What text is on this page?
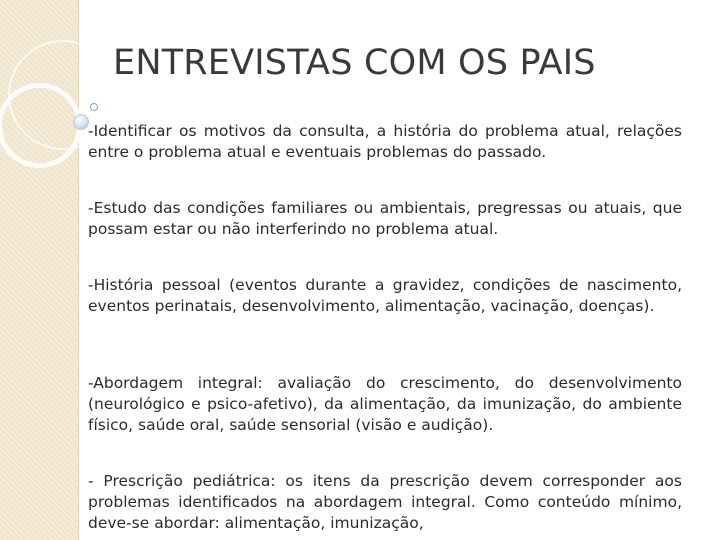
ENTREVISTAS COM OS PAIS
-Identificar os motivos da consulta, a história do problema atual, relações entre o problema atual e eventuais problemas do passado.
-Estudo das condições familiares ou ambientais, pregressas ou atuais, que possam estar ou não interferindo no problema atual.
-História pessoal (eventos durante a gravidez, condições de nascimento, eventos perinatais, desenvolvimento, alimentação, vacinação, doenças).
-Abordagem integral: avaliação do crescimento, do desenvolvimento (neurológico e psico-afetivo), da alimentação, da imunização, do ambiente físico, saúde oral, saúde sensorial (visão e audição).
- Prescrição pediátrica: os itens da prescrição devem corresponder aos problemas identificados na abordagem integral. Como conteúdo mínimo, deve-se abordar: alimentação, imunização,
